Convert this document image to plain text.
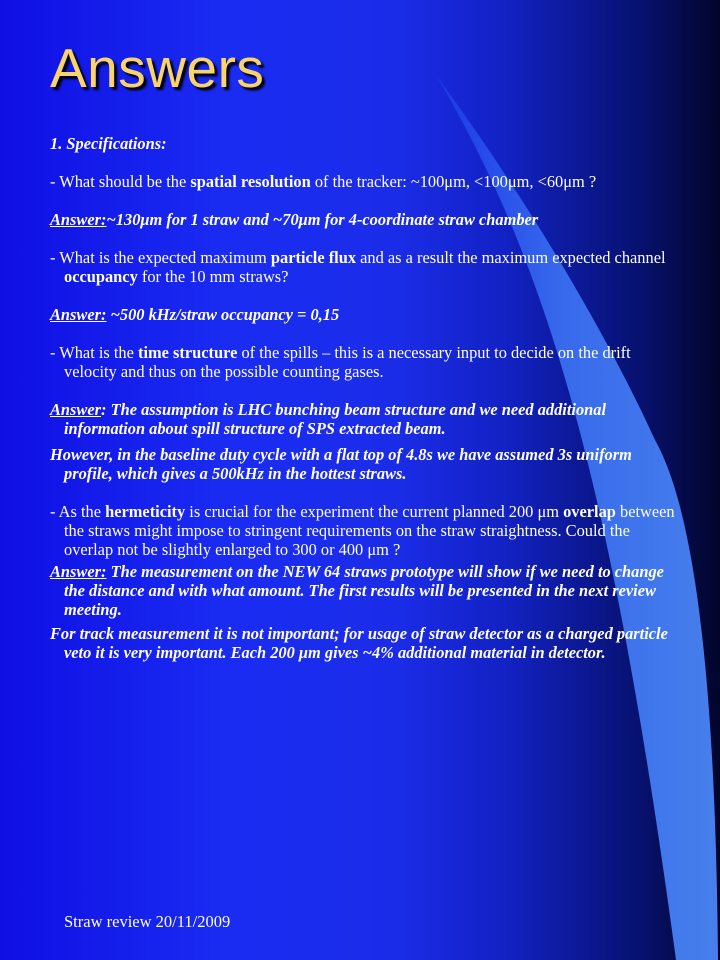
Answers
1. Specifications:
- What should be the spatial resolution of the tracker: ~100μm, <100μm, <60μm ?
Answer:~130μm for 1 straw and ~70μm for 4-coordinate straw chamber
- What is the expected maximum particle flux and as a result the maximum expected channel occupancy for the 10 mm straws?
Answer: ~500 kHz/straw occupancy = 0,15
- What is the time structure of the spills – this is a necessary input to decide on the drift velocity and thus on the possible counting gases.
Answer: The assumption is LHC bunching beam structure and we need additional information about spill structure of SPS extracted beam.
However, in the baseline duty cycle with a flat top of 4.8s we have assumed 3s uniform profile, which gives a 500kHz in the hottest straws.
- As the hermeticity is crucial for the experiment the current planned 200 μm overlap between the straws might impose to stringent requirements on the straw straightness. Could the overlap not be slightly enlarged to 300 or 400 μm ?
Answer: The measurement on the NEW 64 straws prototype will show if we need to change the distance and with what amount. The first results will be presented in the next review meeting.
For track measurement it is not important; for usage of straw detector as a charged particle veto it is very important. Each 200 μm gives ~4% additional material in detector.
Straw review 20/11/2009
